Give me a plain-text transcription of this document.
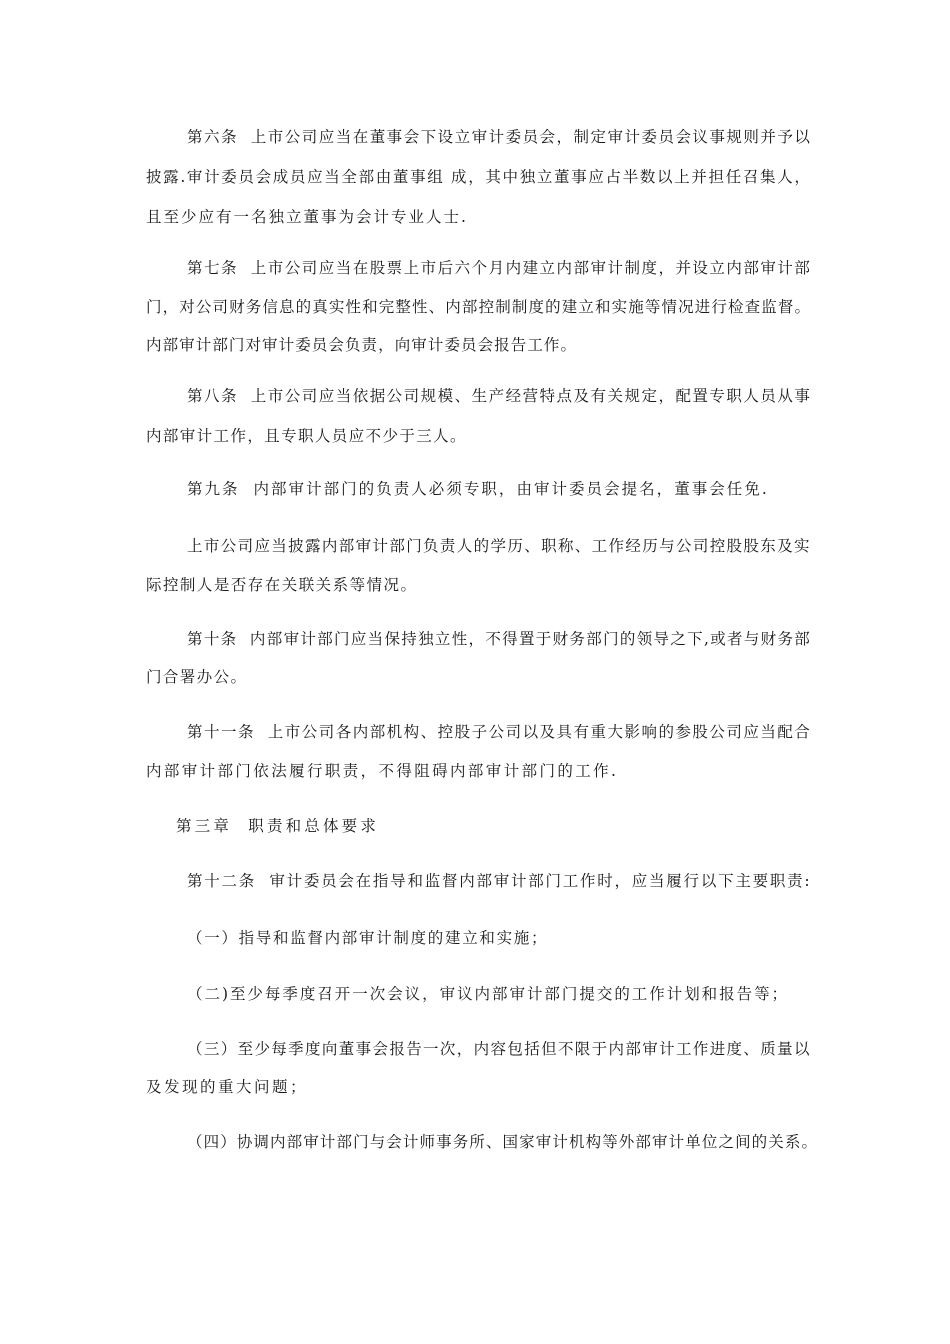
第六条  上市公司应当在董事会下设立审计委员会，制定审计委员会议事规则并予以
披露.审计委员会成员应当全部由董事组 成，其中独立董事应占半数以上并担任召集人，
且至少应有一名独立董事为会计专业人士.
第七条  上市公司应当在股票上市后六个月内建立内部审计制度，并设立内部审计部
门，对公司财务信息的真实性和完整性、内部控制制度的建立和实施等情况进行检查监督。
内部审计部门对审计委员会负责，向审计委员会报告工作。
第八条  上市公司应当依据公司规模、生产经营特点及有关规定，配置专职人员从事
内部审计工作，且专职人员应不少于三人。
第九条  内部审计部门的负责人必须专职，由审计委员会提名，董事会任免.
上市公司应当披露内部审计部门负责人的学历、职称、工作经历与公司控股股东及实
际控制人是否存在关联关系等情况。
第十条  内部审计部门应当保持独立性，不得置于财务部门的领导之下,或者与财务部
门合署办公。
第十一条  上市公司各内部机构、控股子公司以及具有重大影响的参股公司应当配合
内部审计部门依法履行职责，不得阻碍内部审计部门的工作.
第三章  职责和总体要求
第十二条  审计委员会在指导和监督内部审计部门工作时，应当履行以下主要职责:
（一）指导和监督内部审计制度的建立和实施；
（二)至少每季度召开一次会议，审议内部审计部门提交的工作计划和报告等；
（三）至少每季度向董事会报告一次，内容包括但不限于内部审计工作进度、质量以
及发现的重大问题；
（四）协调内部审计部门与会计师事务所、国家审计机构等外部审计单位之间的关系。
